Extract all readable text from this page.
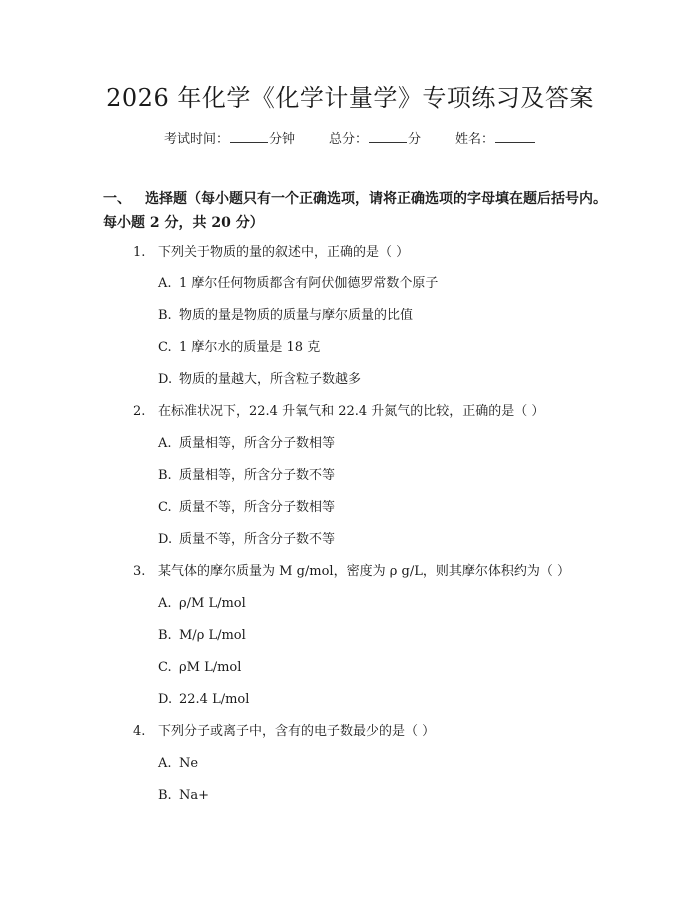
2026 年化学《化学计量学》专项练习及答案
考试时间：	分钟	总分：	分	姓名：
一、 选择题（每小题只有一个正确选项，请将正确选项的字母填在题后括号内。
每小题 2 分，共 20 分）
1. 下列关于物质的量的叙述中，正确的是（ ）
A. 1 摩尔任何物质都含有阿伏伽德罗常数个原子
B. 物质的量是物质的质量与摩尔质量的比值
C. 1 摩尔水的质量是 18 克
D. 物质的量越大，所含粒子数越多
2. 在标准状况下，22.4 升氧气和 22.4 升氮气的比较，正确的是（ ）
A. 质量相等，所含分子数相等
B. 质量相等，所含分子数不等
C. 质量不等，所含分子数相等
D. 质量不等，所含分子数不等
3. 某气体的摩尔质量为 M g/mol，密度为 ρ g/L，则其摩尔体积约为（ ）
A. ρ/M L/mol
B. M/ρ L/mol
C. ρM L/mol
D. 22.4 L/mol
4. 下列分子或离子中，含有的电子数最少的是（ ）
A. Ne
B. Na+
